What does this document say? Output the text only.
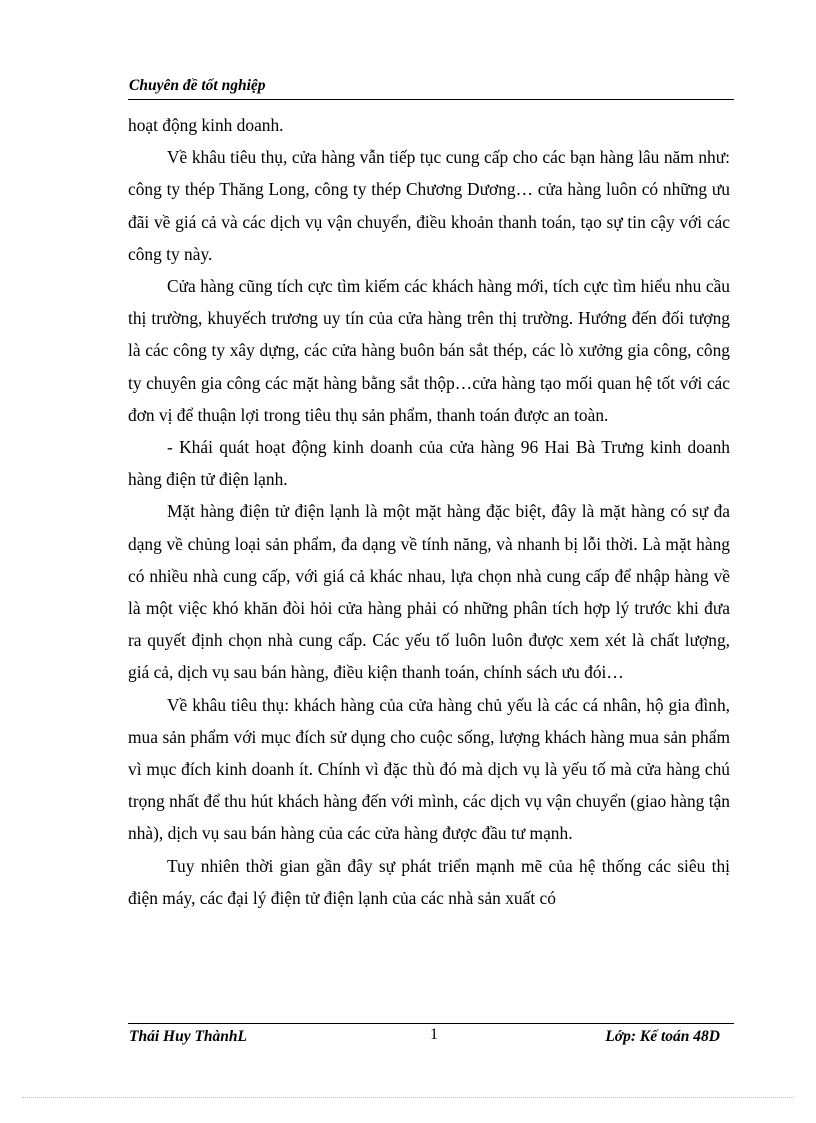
Chuyên đề tốt nghiệp

hoạt động kinh doanh.

Về khâu tiêu thụ, cửa hàng vẫn tiếp tục cung cấp cho các bạn hàng lâu năm như: công ty thép Thăng Long, công ty thép Chương Dương… cửa hàng luôn có những ưu đãi về giá cả và các dịch vụ vận chuyển, điều khoản thanh toán, tạo sự tin cậy với các công ty này.

Cửa hàng cũng tích cực tìm kiếm các khách hàng mới, tích cực tìm hiểu nhu cầu thị trường, khuyếch trương uy tín của cửa hàng trên thị trường. Hướng đến đối tượng là các công ty xây dựng, các cửa hàng buôn bán sắt thép, các lò xưởng gia công, công ty chuyên gia công các mặt hàng bằng sắt thộp…cửa hàng tạo mối quan hệ tốt với các đơn vị để thuận lợi trong tiêu thụ sản phẩm, thanh toán được an toàn.

- Khái quát hoạt động kinh doanh của cửa hàng 96 Hai Bà Trưng kinh doanh hàng điện tử điện lạnh.

Mặt hàng điện tử điện lạnh là một mặt hàng đặc biệt, đây là mặt hàng có sự đa dạng về chủng loại sản phẩm, đa dạng về tính năng, và nhanh bị lỗi thời. Là mặt hàng có nhiều nhà cung cấp, với giá cả khác nhau, lựa chọn nhà cung cấp để nhập hàng về là một việc khó khăn đòi hỏi cửa hàng phải có những phân tích hợp lý trước khi đưa ra quyết định chọn nhà cung cấp. Các yếu tố luôn luôn được xem xét là chất lượng, giá cả, dịch vụ sau bán hàng, điều kiện thanh toán, chính sách ưu đói…

Về khâu tiêu thụ: khách hàng của cửa hàng chủ yếu là các cá nhân, hộ gia đình, mua sản phẩm với mục đích sử dụng cho cuộc sống, lượng khách hàng mua sản phẩm vì mục đích kinh doanh ít. Chính vì đặc thù đó mà dịch vụ là yếu tố mà cửa hàng chú trọng nhất để thu hút khách hàng đến với mình, các dịch vụ vận chuyển (giao hàng tận nhà), dịch vụ sau bán hàng của các cửa hàng được đầu tư mạnh.

Tuy nhiên thời gian gần đây sự phát triển mạnh mẽ của hệ thống các siêu thị điện máy, các đại lý điện tử điện lạnh của các nhà sản xuất có

Thái Huy ThànhL	1	Lớp: Kế toán 48D
